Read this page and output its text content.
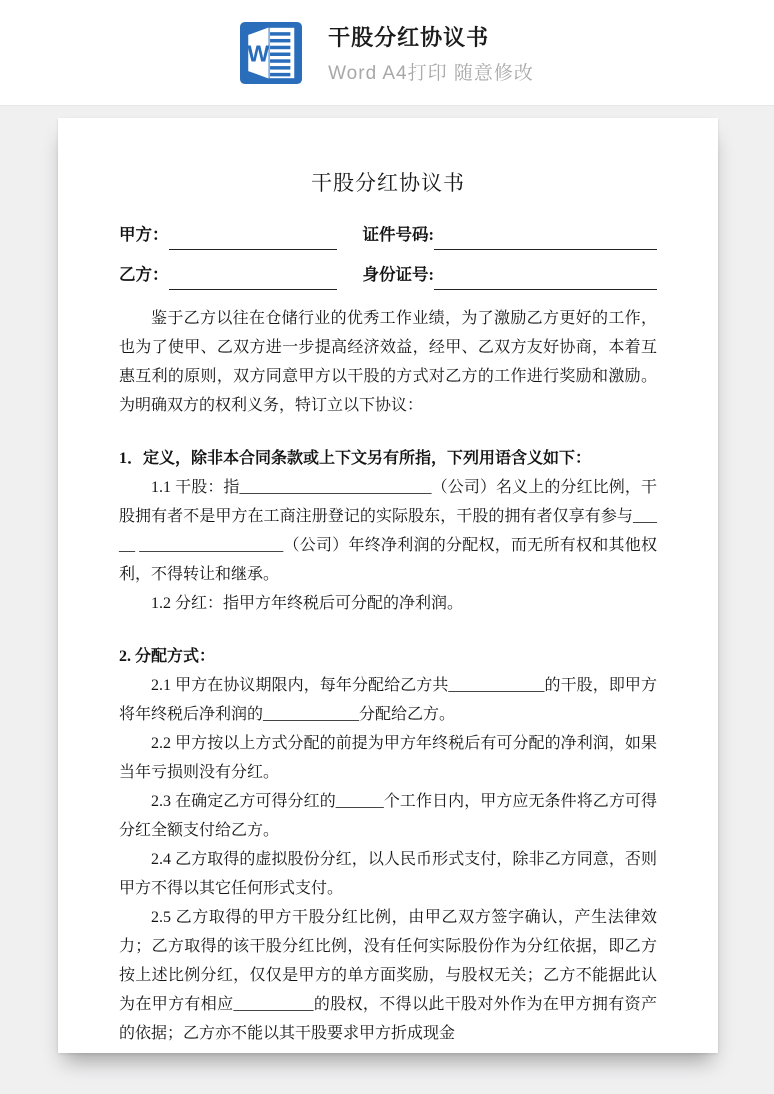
W
干股分红协议书
Word A4打印 随意修改
干股分红协议书
甲方：	证件号码:
乙方：	身份证号:

鉴于乙方以往在仓储行业的优秀工作业绩，为了激励乙方更好的工作，也为了使甲、乙双方进一步提高经济效益，经甲、乙双方友好协商，本着互惠互利的原则，双方同意甲方以干股的方式对乙方的工作进行奖励和激励。为明确双方的权利义务，特订立以下协议：

1．定义，除非本合同条款或上下文另有所指，下列用语含义如下：

1.1 干股：指________________________（公司）名义上的分红比例，干股拥有者不是甲方在工商注册登记的实际股东，干股的拥有者仅享有参与_____ __________________（公司）年终净利润的分配权，而无所有权和其他权利，不得转让和继承。

1.2 分红：指甲方年终税后可分配的净利润。

2. 分配方式：

2.1 甲方在协议期限内，每年分配给乙方共____________的干股，即甲方将年终税后净利润的____________分配给乙方。

2.2 甲方按以上方式分配的前提为甲方年终税后有可分配的净利润，如果当年亏损则没有分红。

2.3 在确定乙方可得分红的______个工作日内，甲方应无条件将乙方可得分红全额支付给乙方。

2.4 乙方取得的虚拟股份分红，以人民币形式支付，除非乙方同意，否则甲方不得以其它任何形式支付。

2.5 乙方取得的甲方干股分红比例，由甲乙双方签字确认，产生法律效力；乙方取得的该干股分红比例，没有任何实际股份作为分红依据，即乙方按上述比例分红，仅仅是甲方的单方面奖励，与股权无关；乙方不能据此认为在甲方有相应__________的股权，不得以此干股对外作为在甲方拥有资产的依据；乙方亦不能以其干股要求甲方折成现金
